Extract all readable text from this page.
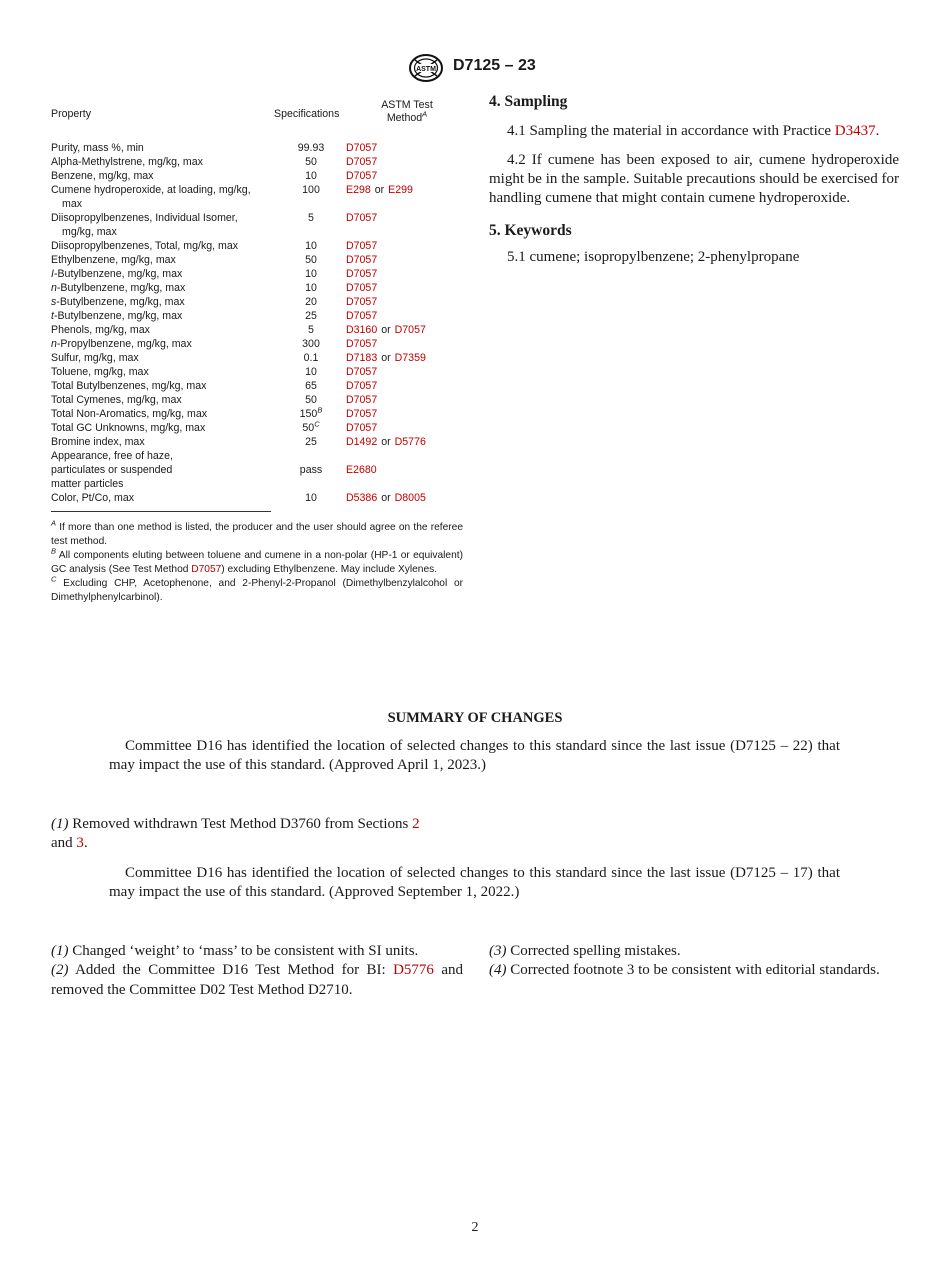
ASTM D7125 – 23
Property	Specifications
ASTM Test
Method$^A$
Purity, mass %, min	99.93	D7057
Alpha-Methylstrene, mg/kg, max	50	D7057
Benzene, mg/kg, max	10	D7057
Cumene hydroperoxide, at loading, mg/kg,
max
100	E298 or E299
Diisopropylbenzenes, Individual Isomer,
mg/kg, max
5	D7057
Diisopropylbenzenes, Total, mg/kg, max	10	D7057
Ethylbenzene, mg/kg, max	50	D7057
I-Butylbenzene, mg/kg, max	10	D7057
n-Butylbenzene, mg/kg, max	10	D7057
s-Butylbenzene, mg/kg, max	20	D7057
t-Butylbenzene, mg/kg, max	25	D7057
Phenols, mg/kg, max	5	D3160 or D7057
n-Propylbenzene, mg/kg, max	300	D7057
Sulfur, mg/kg, max	0.1	D7183 or D7359
Toluene, mg/kg, max	10	D7057
Total Butylbenzenes, mg/kg, max	65	D7057
Total Cymenes, mg/kg, max	50	D7057
Total Non-Aromatics, mg/kg, max	$150^B$	D7057
Total GC Unknowns, mg/kg, max	$50^C$	D7057
Bromine index, max	25	D1492 or D5776
Appearance, free of haze,
particulates or suspended
matter particles
pass	E2680
Color, Pt/Co, max	10	D5386 or D8005

$^A$ If more than one method is listed, the producer and the user should agree on the referee test method.

$^B$ All components eluting between toluene and cumene in a non-polar (HP-1 or equivalent) GC analysis (See Test Method D7057) excluding Ethylbenzene. May include Xylenes.

$^C$ Excluding CHP, Acetophenone, and 2-Phenyl-2-Propanol (Dimethylbenzylalcohol or Dimethylphenylcarbinol).

4. Sampling

4.1 Sampling the material in accordance with Practice D3437.

4.2 If cumene has been exposed to air, cumene hydroperoxide might be in the sample. Suitable precautions should be exercised for handling cumene that might contain cumene hydroperoxide.

5. Keywords

5.1 cumene; isopropylbenzene; 2-phenylpropane

SUMMARY OF CHANGES

Committee D16 has identified the location of selected changes to this standard since the last issue (D7125 – 22) that may impact the use of this standard. (Approved April 1, 2023.)

(1) Removed withdrawn Test Method D3760 from Sections 2
and 3.

Committee D16 has identified the location of selected changes to this standard since the last issue (D7125 – 17) that may impact the use of this standard. (Approved September 1, 2022.)

(1) Changed ‘weight’ to ‘mass’ to be consistent with SI units.

(2) Added the Committee D16 Test Method for BI: D5776 and removed the Committee D02 Test Method D2710.

(3) Corrected spelling mistakes.

(4) Corrected footnote 3 to be consistent with editorial standards.

2
